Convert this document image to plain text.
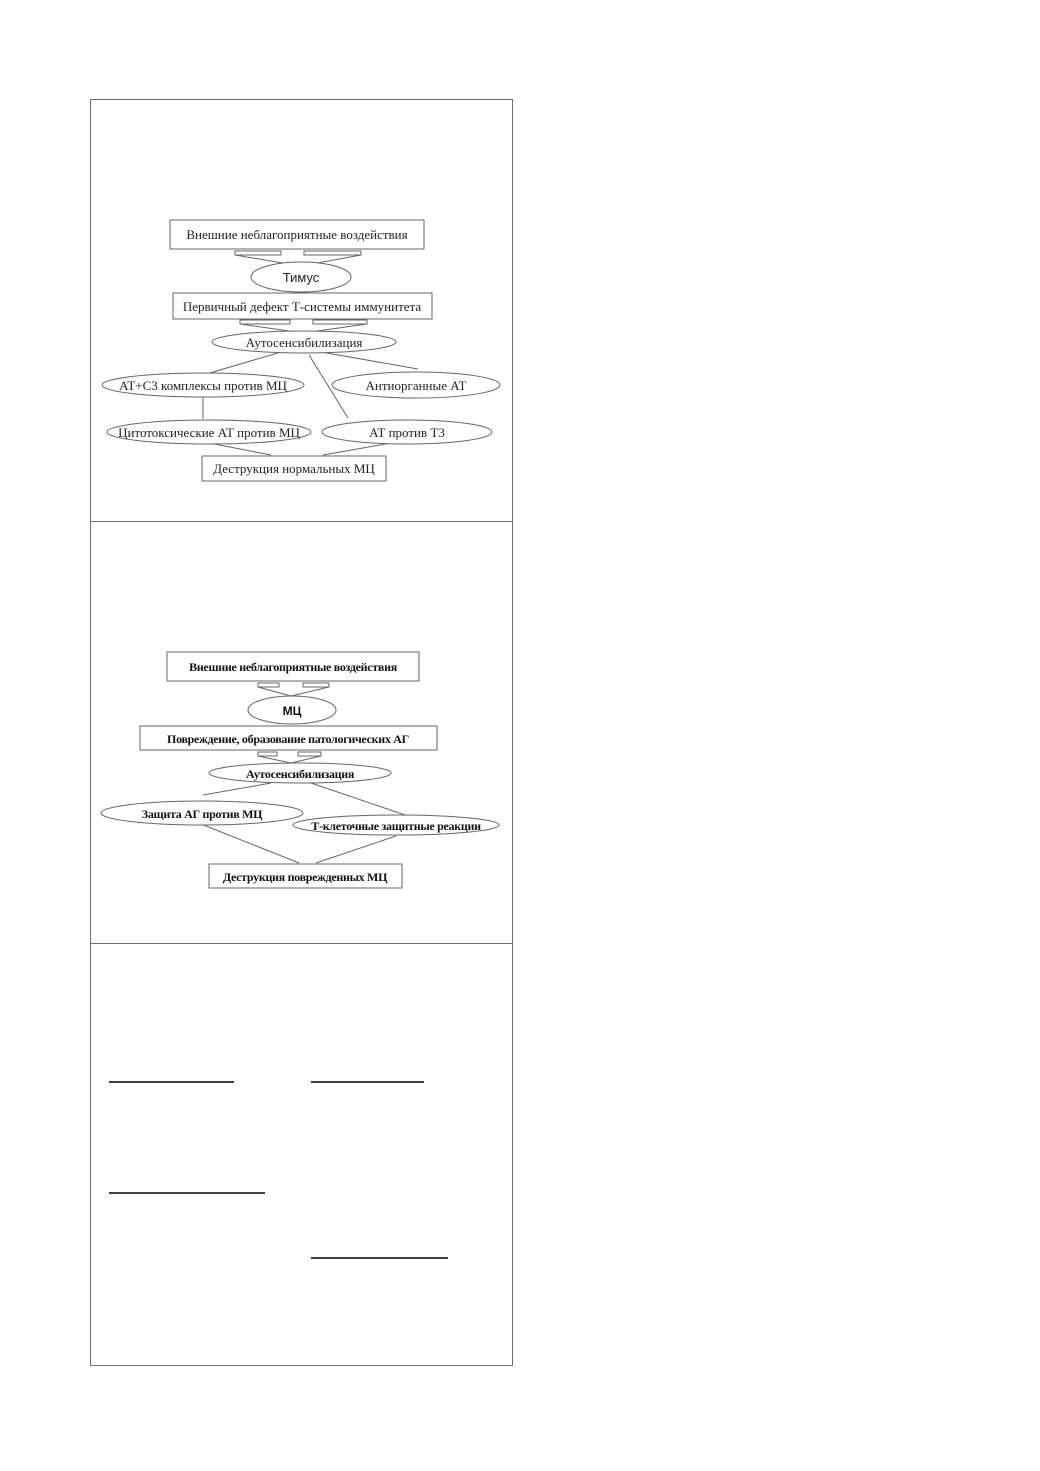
Внешние неблагоприятные воздействия
Тимус
Первичный дефект Т-системы иммунитета
Аутосенсибилизация
АТ+С3 комплексы против МЦ	Антиорганные АТ
Цитотоксические АТ против МЦ	АТ против Т3
Деструкция нормальных МЦ
Внешние неблагоприятные воздействия
МЦ
Повреждение, образование патологических АГ
Аутосенсибилизация
Защита АГ против МЦ
Т-клеточные защитные реакции
Деструкция поврежденных МЦ
